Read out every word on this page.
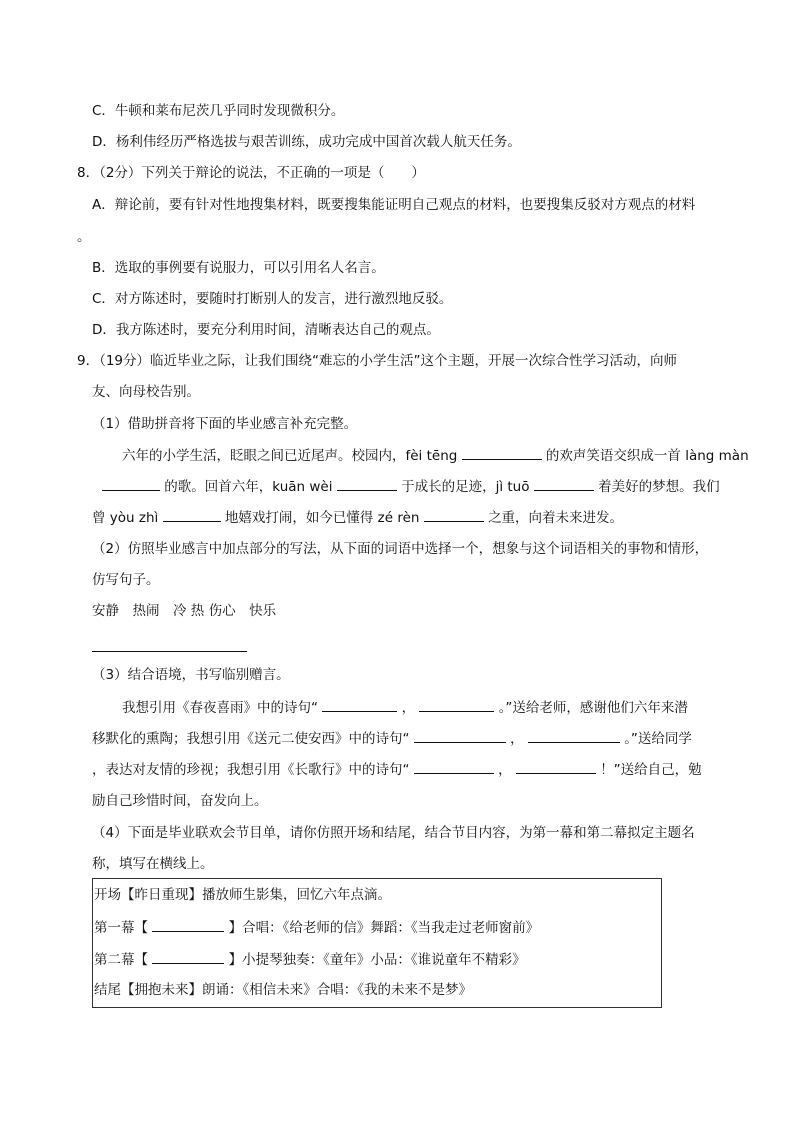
C．牛顿和莱布尼茨几乎同时发现微积分。
D．杨利伟经历严格选拔与艰苦训练，成功完成中国首次载人航天任务。
8．（2分）下列关于辩论的说法，不正确的一项是（　　）
A．辩论前，要有针对性地搜集材料，既要搜集能证明自己观点的材料，也要搜集反驳对方观点的材料
。
B．选取的事例要有说服力，可以引用名人名言。
C．对方陈述时，要随时打断别人的发言，进行激烈地反驳。
D．我方陈述时，要充分利用时间，清晰表达自己的观点。
9．（19分）临近毕业之际，让我们围绕“难忘的小学生活”这个主题，开展一次综合性学习活动，向师
友、向母校告别。
（1）借助拼音将下面的毕业感言补充完整。
六年的小学生活，眨眼之间已近尾声。校园内，fèi tēng	的欢声笑语交织成一首 làng màn
的歌。回首六年，kuān wèi	于成长的足迹，jì tuō	着美好的梦想。我们
曾 yòu zhì	地嬉戏打闹，如今已懂得 zé rèn	之重，向着未来进发。
（2）仿照毕业感言中加点部分的写法，从下面的词语中选择一个，想象与这个词语相关的事物和情形，
仿写句子。
安静　热闹　冷 热 伤心　快乐
（3）结合语境，书写临别赠言。
我想引用《春夜喜雨》中的诗句“	，	。”送给老师，感谢他们六年来潜
移默化的熏陶；我想引用《送元二使安西》中的诗句“	，	。”送给同学
，表达对友情的珍视；我想引用《长歌行》中的诗句“	，	！”送给自己，勉
励自己珍惜时间，奋发向上。
（4）下面是毕业联欢会节目单，请你仿照开场和结尾，结合节目内容，为第一幕和第二幕拟定主题名
称，填写在横线上。
开场【昨日重现】播放师生影集，回忆六年点滴。
第一幕【	】合唱：《给老师的信》舞蹈：《当我走过老师窗前》
第二幕【	】小提琴独奏：《童年》小品：《谁说童年不精彩》
结尾【拥抱未来】朗诵：《相信未来》合唱：《我的未来不是梦》
